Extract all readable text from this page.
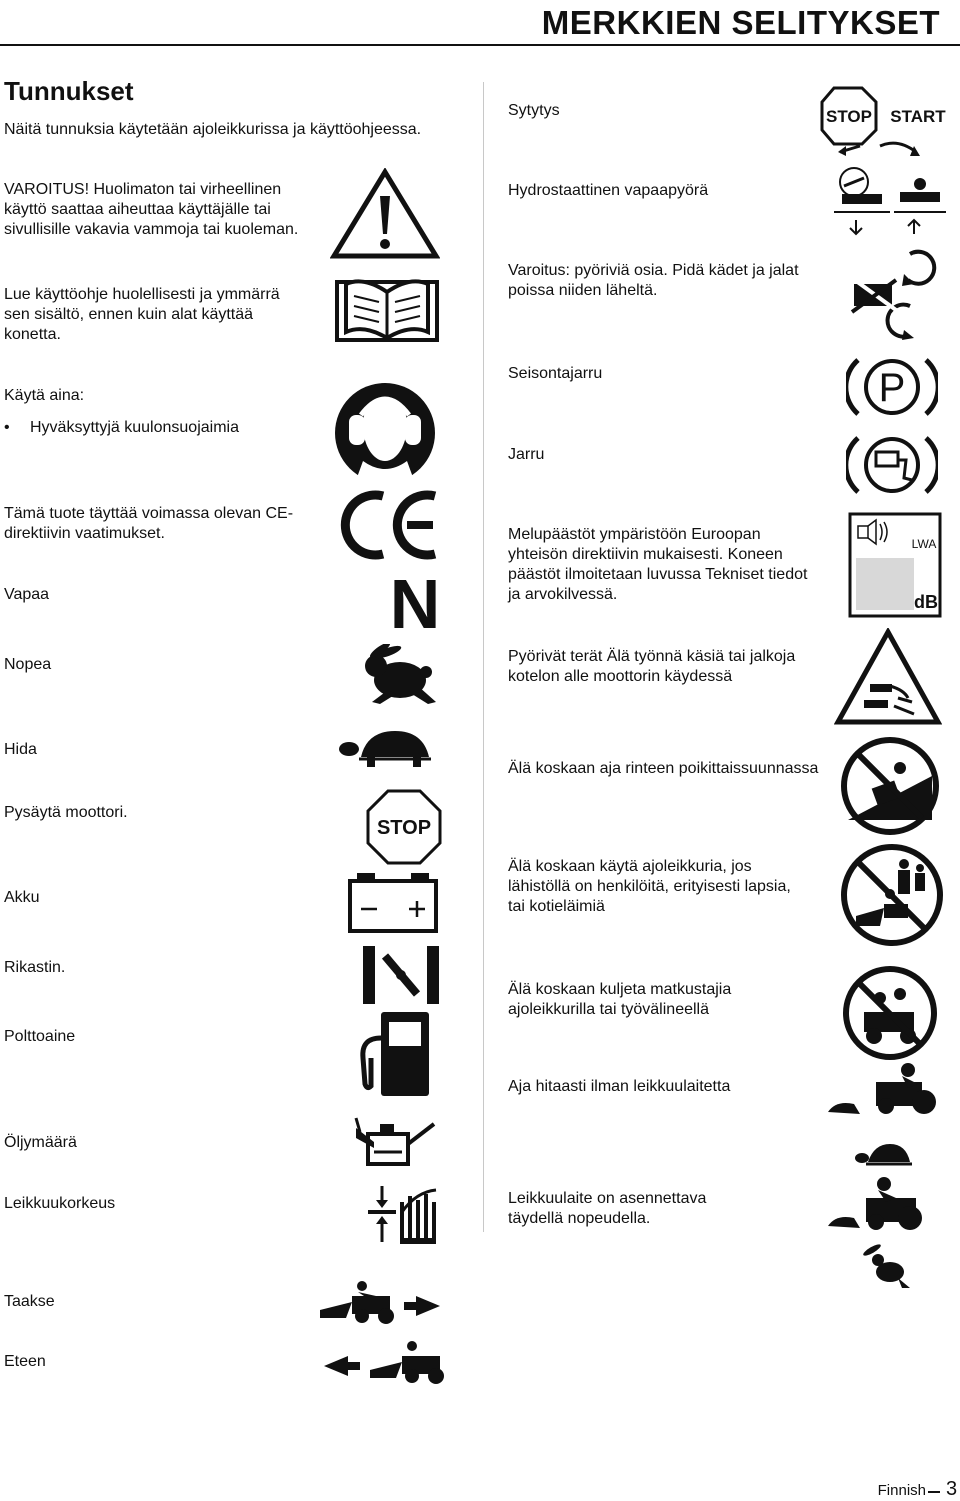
MERKKIEN SELITYKSET
Tunnukset
Näitä tunnuksia käytetään ajoleikkurissa ja käyttöohjeessa.
VAROITUS! Huolimaton tai virheellinen
käyttö saattaa aiheuttaa käyttäjälle tai
sivullisille vakavia vammoja tai kuoleman.
Lue käyttöohje huolellisesti ja ymmärrä
sen sisältö, ennen kuin alat käyttää
konetta.
Käytä aina:
• Hyväksyttyjä kuulonsuojaimia
Tämä tuote täyttää voimassa olevan CE-
direktiivin vaatimukset.
Vapaa
Nopea
Hida
Pysäytä moottori.
Akku
Rikastin.
Polttoaine
Öljymäärä
Leikkuukorkeus
Taakse
Eteen
Sytytys
Hydrostaattinen vapaapyörä
Varoitus: pyöriviä osia. Pidä kädet ja jalat
poissa niiden läheltä.
Seisontajarru
Jarru
Melupäästöt ympäristöön Euroopan
yhteisön direktiivin mukaisesti. Koneen
päästöt ilmoitetaan luvussa Tekniset tiedot
ja arvokilvessä.
Pyörivät terät Älä työnnä käsiä tai jalkoja
kotelon alle moottorin käydessä
Älä koskaan aja rinteen poikittaissuunnassa
Älä koskaan käytä ajoleikkuria, jos
lähistöllä on henkilöitä, erityisesti lapsia,
tai kotieläimiä
Älä koskaan kuljeta matkustajia
ajoleikkurilla tai työvälineellä
Aja hitaasti ilman leikkuulaitetta
Leikkuulaite on asennettava
täydellä nopeudella.
N
STOP
STOP START
P
LWA
dB
Finnish 3
